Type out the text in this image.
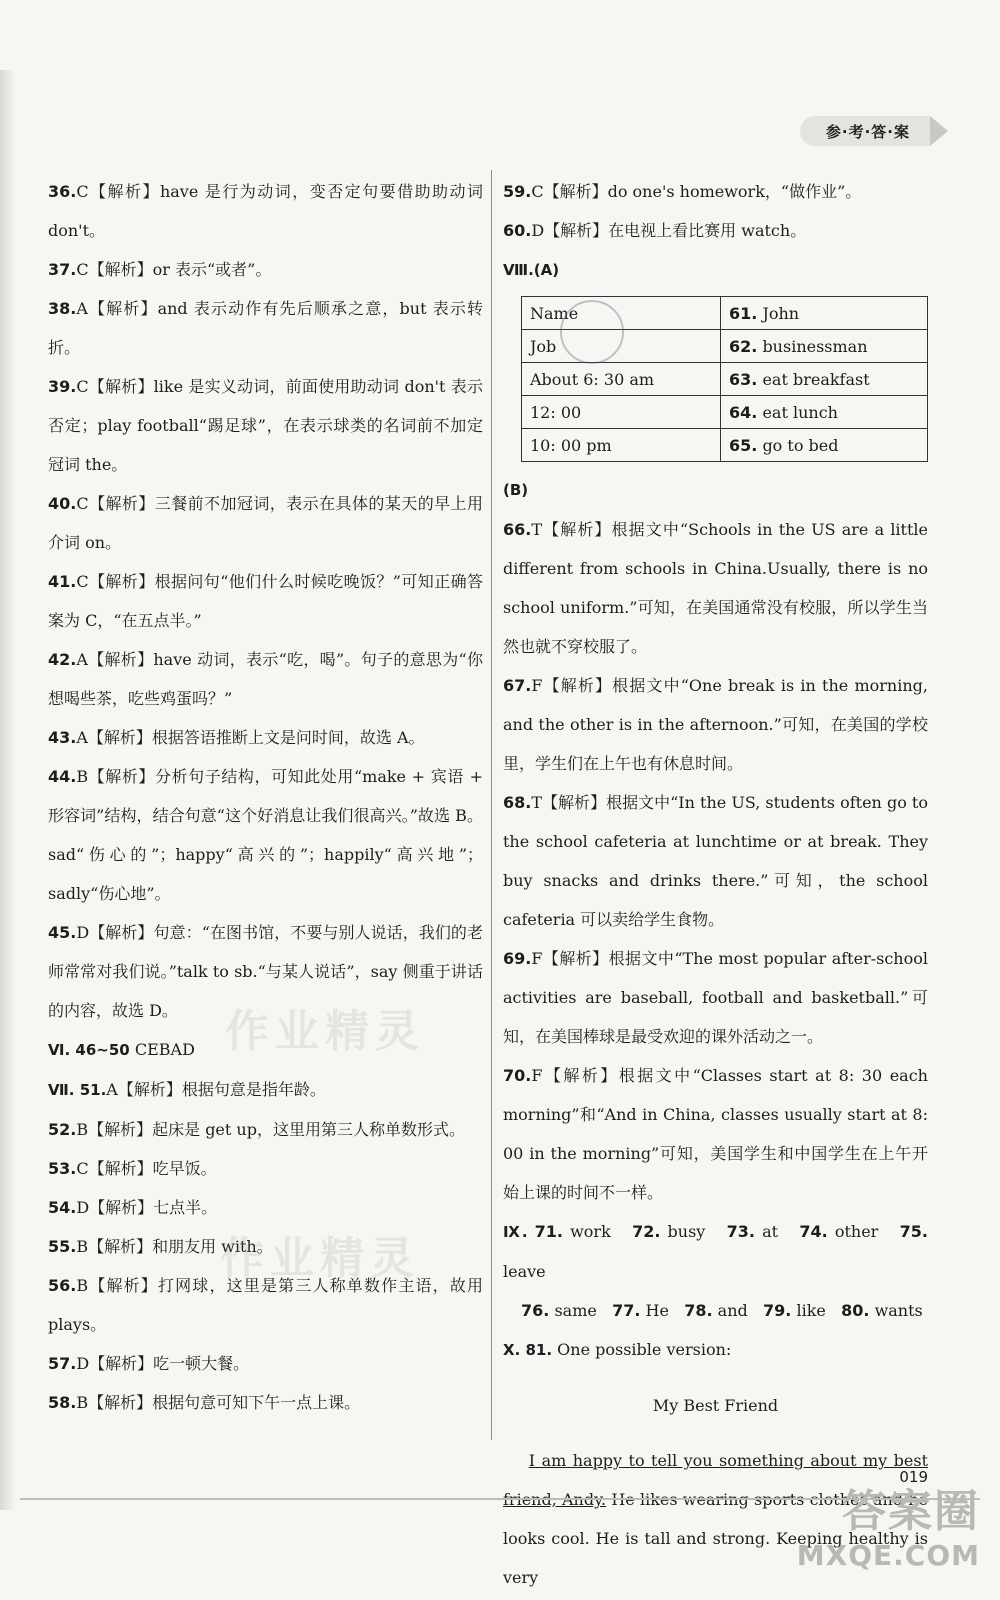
参·考·答·案

36.C【解析】have 是行为动词，变否定句要借助助动词 don't。

37.C【解析】or 表示“或者”。

38.A【解析】and 表示动作有先后顺承之意，but 表示转折。

39.C【解析】like 是实义动词，前面使用助动词 don't 表示否定；play football“踢足球”，在表示球类的名词前不加定冠词 the。

40.C【解析】三餐前不加冠词，表示在具体的某天的早上用介词 on。

41.C【解析】根据问句“他们什么时候吃晚饭？”可知正确答案为 C，“在五点半。”

42.A【解析】have 动词，表示“吃，喝”。句子的意思为“你想喝些茶，吃些鸡蛋吗？”

43.A【解析】根据答语推断上文是问时间，故选 A。

44.B【解析】分析句子结构，可知此处用“make + 宾语 + 形容词”结构，结合句意“这个好消息让我们很高兴。”故选 B。sad“伤心的”；happy“高兴的”；happily“高兴地”；sadly“伤心地”。

45.D【解析】句意：“在图书馆，不要与别人说话，我们的老师常常对我们说。”talk to sb.“与某人说话”，say 侧重于讲话的内容，故选 D。

Ⅵ. 46~50 CEBAD

Ⅶ. 51.A【解析】根据句意是指年龄。

52.B【解析】起床是 get up，这里用第三人称单数形式。

53.C【解析】吃早饭。

54.D【解析】七点半。

55.B【解析】和朋友用 with。

56.B【解析】打网球，这里是第三人称单数作主语，故用 plays。

57.D【解析】吃一顿大餐。

58.B【解析】根据句意可知下午一点上课。

59.C【解析】do one's homework，“做作业”。

60.D【解析】在电视上看比赛用 watch。

Ⅷ.(A)

Name	61. John
Job	62. businessman
About 6: 30 am	63. eat breakfast
12: 00	64. eat lunch
10: 00 pm	65. go to bed

(B)

66.T【解析】根据文中“Schools in the US are a little different from schools in China.Usually, there is no school uniform.”可知，在美国通常没有校服，所以学生当然也就不穿校服了。

67.F【解析】根据文中“One break is in the morning, and the other is in the afternoon.”可知，在美国的学校里，学生们在上午也有休息时间。

68.T【解析】根据文中“In the US, students often go to the school cafeteria at lunchtime or at break. They buy snacks and drinks there.”可知，the school cafeteria 可以卖给学生食物。

69.F【解析】根据文中“The most popular after-school activities are baseball, football and basketball.”可知，在美国棒球是最受欢迎的课外活动之一。

70.F【解析】根据文中“Classes start at 8: 30 each morning”和“And in China, classes usually start at 8: 00 in the morning”可知，美国学生和中国学生在上午开始上课的时间不一样。

Ⅸ. 71. work 72. busy 73. at 74. other 75. leave

76. same 77. He 78. and 79. like 80. wants

Ⅹ. 81. One possible version:

My Best Friend

I am happy to tell you something about my best looks cool. He is tall and strong. Keeping healthy is very

作业精灵
作业精灵
019
答案圈
MXQE.COM
